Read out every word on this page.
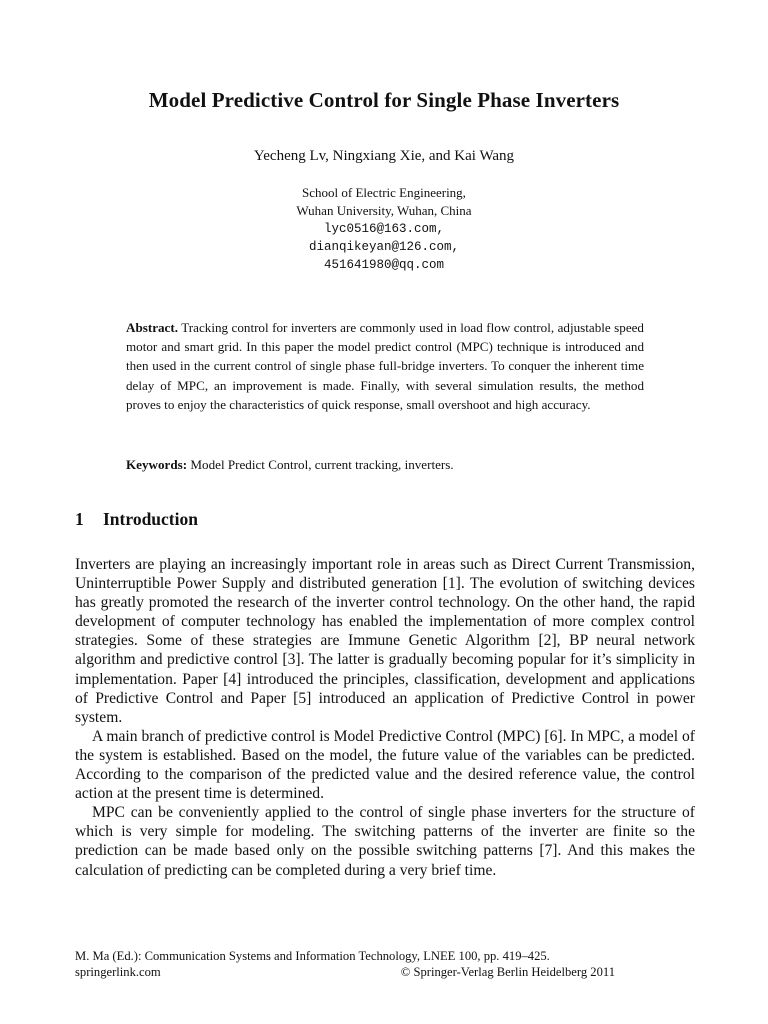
Model Predictive Control for Single Phase Inverters
Yecheng Lv, Ningxiang Xie, and Kai Wang
School of Electric Engineering,
Wuhan University, Wuhan, China
lyc0516@163.com,
dianqikeyan@126.com,
451641980@qq.com
Abstract. Tracking control for inverters are commonly used in load flow control, adjustable speed motor and smart grid. In this paper the model predict control (MPC) technique is introduced and then used in the current control of single phase full-bridge inverters. To conquer the inherent time delay of MPC, an improvement is made. Finally, with several simulation results, the method proves to enjoy the characteristics of quick response, small overshoot and high accuracy.
Keywords: Model Predict Control, current tracking, inverters.
1 Introduction

Inverters are playing an increasingly important role in areas such as Direct Current Transmission, Uninterruptible Power Supply and distributed generation [1]. The evolution of switching devices has greatly promoted the research of the inverter control technology. On the other hand, the rapid development of computer technology has enabled the implementation of more complex control strategies. Some of these strategies are Immune Genetic Algorithm [2], BP neural network algorithm and predictive control [3]. The latter is gradually becoming popular for it’s simplicity in implementation. Paper [4] introduced the principles, classification, development and applications of Predictive Control and Paper [5] introduced an application of Predictive Control in power system.

A main branch of predictive control is Model Predictive Control (MPC) [6]. In MPC, a model of the system is established. Based on the model, the future value of the variables can be predicted. According to the comparison of the predicted value and the desired reference value, the control action at the present time is determined.

MPC can be conveniently applied to the control of single phase inverters for the structure of which is very simple for modeling. The switching patterns of the inverter are finite so the prediction can be made based only on the possible switching patterns [7]. And this makes the calculation of predicting can be completed during a very brief time.

M. Ma (Ed.): Communication Systems and Information Technology, LNEE 100, pp. 419–425.
springerlink.com	© Springer-Verlag Berlin Heidelberg 2011
